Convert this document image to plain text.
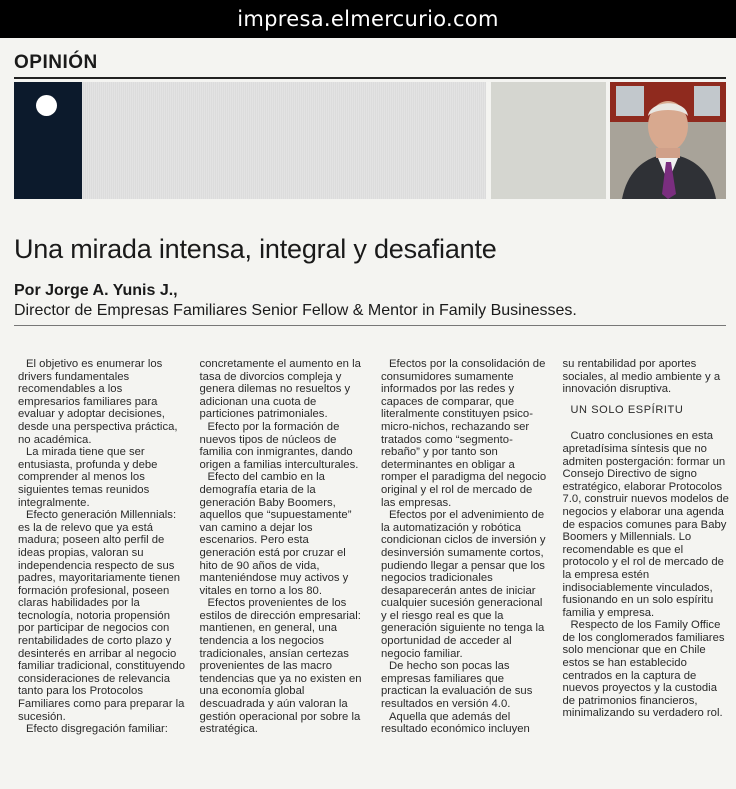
impresa.elmercurio.com
OPINIÓN
Una mirada intensa, integral y desafiante
Por Jorge A. Yunis J.,
Director de Empresas Familiares Senior Fellow & Mentor in Family Businesses.

El objetivo es enumerar los drivers fundamentales recomendables a los empresarios familiares para evaluar y adoptar decisiones, desde una perspectiva práctica, no académica.

La mirada tiene que ser entusiasta, profunda y debe comprender al menos los siguientes temas reunidos integralmente.

Efecto generación Millennials: es la de relevo que ya está madura; poseen alto perfil de ideas propias, valoran su independencia respecto de sus padres, mayoritariamente tienen formación profesional, poseen claras habilidades por la tecnología, notoria propensión por participar de negocios con rentabilidades de corto plazo y desinterés en arribar al negocio familiar tradicional, constituyendo consideraciones de relevancia tanto para los Protocolos Familiares como para preparar la sucesión.

Efecto disgregación familiar:

concretamente el aumento en la tasa de divorcios compleja y genera dilemas no resueltos y adicionan una cuota de particiones patrimoniales.

Efecto por la formación de nuevos tipos de núcleos de familia con inmigrantes, dando origen a familias interculturales.

Efecto del cambio en la demografía etaria de la generación Baby Boomers, aquellos que “supuestamente” van camino a dejar los escenarios. Pero esta generación está por cruzar el hito de 90 años de vida, manteniéndose muy activos y vitales en torno a los 80.

Efectos provenientes de los estilos de dirección empresarial: mantienen, en general, una tendencia a los negocios tradicionales, ansían certezas provenientes de las macro tendencias que ya no existen en una economía global descuadrada y aún valoran la gestión operacional por sobre la estratégica.

Efectos por la consolidación de consumidores sumamente informados por las redes y capaces de comparar, que literalmente constituyen psico-micro-nichos, rechazando ser tratados como “segmento-rebaño” y por tanto son determinantes en obligar a romper el paradigma del negocio original y el rol de mercado de las empresas.

Efectos por el advenimiento de la automatización y robótica condicionan ciclos de inversión y desinversión sumamente cortos, pudiendo llegar a pensar que los negocios tradicionales desaparecerán antes de iniciar cualquier sucesión generacional y el riesgo real es que la generación siguiente no tenga la oportunidad de acceder al negocio familiar.

De hecho son pocas las empresas familiares que practican la evaluación de sus resultados en versión 4.0.

Aquella que además del resultado económico incluyen

su rentabilidad por aportes sociales, al medio ambiente y a innovación disruptiva.

UN SOLO ESPÍRITU

Cuatro conclusiones en esta apretadísima síntesis que no admiten postergación: formar un Consejo Directivo de signo estratégico, elaborar Protocolos 7.0, construir nuevos modelos de negocios y elaborar una agenda de espacios comunes para Baby Boomers y Millennials. Lo recomendable es que el protocolo y el rol de mercado de la empresa estén indisociablemente vinculados, fusionando en un solo espíritu familia y empresa.

Respecto de los Family Office de los conglomerados familiares solo mencionar que en Chile estos se han establecido centrados en la captura de nuevos proyectos y la custodia de patrimonios financieros, minimalizando su verdadero rol.
